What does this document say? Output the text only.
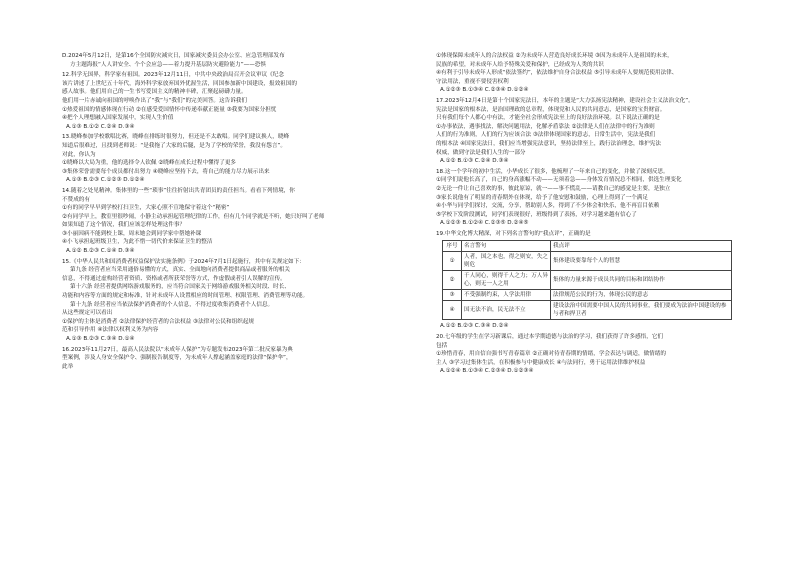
D.2024年5月12日，是第16个全国防灾减灾日，国家减灾委员会办公室、应急管理部发布

方主题海报“人人讲安全、个个会应急——着力提升基层防灾避险能力”——恐惧

12.科学无国界，科学家有祖国。2023年12月11日，中共中央政治局召开会议审议《纪念

该片讲述了上世纪五十年代，海外科学家放弃国外优渥生活，回国参加新中国建设，报效祖国的

感人故事。他们用自己的一生书写爱国主义的精神丰碑，汇聚起磅礴力量。

他们用一片赤诚向祖国的呼唤作出了“我”与“我们”的完美回答。这告诉我们

①热爱祖国的情感体现在行动 ②在感受爱国情怀中传递奉献正能量 ③我要为国家分担忧

④把个人理想融入国家发展中，实现人生价值

A.①③ B.①② C.②④ D.③④

13.晓峰参加学校歌唱比赛，晓峰在排练时很努力，但还是不太敢唱。同学们建议换人，晓峰

知道后很难过，且找到老师说：“是我拖了大家的后腿，是为了学校的荣誉，我没有怨言”。

对此，你认为

①晓峰以大局为重，他的选择令人钦佩 ②晓峰在成长过程中懂得了更多

③集体荣誉需要每个成员都付出努力 ④晓峰应坚持下去，将自己的能力尽力展示出来

A.①③ B.②③ C.①②③ D.①②④

14.随着之处见精神。集体里的一些“琐事”往往折射出共青团员的责任担当。看看下列情境，你

不赞成的有

①有的同学早早到学校打扫卫生，大家心照不宣地保守着这个“秘密”

②有同学早上，教室里很吵闹，小静主动承担起管理纪律的工作，但有几个同学就是不听，她只好叫了老师

如果知道了这个情况，我们应该怎样处理这件事？

③小丽因病不能到校上课，周末她会到同学家中帮她补课

④小飞承担起班级卫生，为此不惜一切代价来保证卫生的整洁

A.①② B.②③ C.①④ D.③④

15.《中华人民共和国消费者权益保护法实施条例》于2024年7月1日起施行，其中有关规定如下：

第九条 经营者应当采用通俗易懂的方式，真实、全面地向消费者提供商品或者服务的相关

信息，不得通过虚构经营者资质、资格或者所获荣誉等方式，作虚假或者引人误解的宣传。

第十六条 经营者提供网络游戏服务的，应当符合国家关于网络游戏服务相关时段、时长、

功能和内容等方面的规定和标准，针对未成年人设置相应的时间管理、权限管理、消费管理等功能。

第十九条 经营者应当依法保护消费者的个人信息，不得过度收集消费者个人信息。

从这些规定可以看出

①保护的主体是消费者 ②法律保护经营者的合法权益 ③法律对公民和组织起规

范和引导作用 ④法律以权利义务为内容

A.①③ B.②③ C.③④ D.①④

16.2023年11月27日，最高人民法院以“未成年人保护”为专题发布2023年第二批反家暴为典

型案例，涉及人身安全保护令、强制报告制度等，为未成年人撑起涵盖家庭的法律“保护伞”，

此举

①体现保障未成年人的合法权益 ②为未成年人营造良好成长环境 ③因为未成年人是祖国的未来，

民族的希望，对未成年人给予特殊关爱和保护，已经成为人类的共识

④有利于引导未成年人形成“依法签约”，依法维护自身合法权益 ⑤引导未成年人要规范使用法律、

守法用法，重视不要侵害权利

A.①②③ B.①③④ C.②③④ D.①②④

17.2023年12月4日是第十个国家宪法日，本年的主题是“大力弘扬宪法精神，建设社会主义法治文化”。

宪法是国家的根本法，是治国理政的总章程，体现党和人民的共同意志，是国家的宝贵财富。

只有我们每个人都心中有法，才能全社会形成宪法至上的良好法治环境。以下说法正确的是

①办事依法，遇事找法，解决问题用法，化解矛盾靠法 ②法律是人们在法律中的行为准则

人们的行为准则，人们的行为应该合法 ③法律体现国家的意志，日常生活中，宪法是我们

的根本法 ④国家宪法日，我们应当增强宪法意识，坚持法律至上，践行法治理念，维护宪法

权威，做到守法是我们人生的一部分

A.①② B.①③ C.②④ D.③④

18.这一个学年的初中生活，小华成长了很多，他梳理了一年来自己的变化，并做了深刻反思。

①同学们说他长高了，自己的身高涨幅不动——无须着急——身体发育情况总不相同，供选生理变化

②无论一件让自己喜欢的事，彼此原谅，就一——事不慌乱——请教自己的感觉是主要，是独立

③家长说他有了明显的青春期外在体现，给予了他安慰和鼓励，心理上得到了一个满足

④小华与同学们探讨，交流，分享，帮助别人多，得到了不少体会和快乐，他不再盲目依赖

⑤学校下发阶段测试，同学们表现很好，班级得到了表扬，对学习越来越有信心了

A.①②③ B.①②④ C.②③⑤ D.②④⑤

19.中华文化博大精深，对下列名言警句的“我点评”，正确的是

序号	名言警句	我点评
①	人者，国之本也，得之则安，失之则危	集体建设要靠每个人的智慧
②	千人同心，则得千人之力；万人异心，则无一人之用	集体的力量来源于成员共同的目标和团结协作
③	不受强制约束，人学法用律	法律规范公民的行为，体现公民的意志
④	国无法不治，民无法不立	建设法治中国需要中国人民的共同事业，我们要成为法治中国建设的参与者和捍卫者

A.①② B.②③ C.③④ D.②④

20.七年级的学生在学习新课后，通过本学期道德与法治的学习，我们获得了许多感悟，它们

包括

①珍惜青春，用自信自强书写青春篇章 ②正确对待青春期的情绪，学会表达与调适，做情绪的

主人 ③学习过集体生活，在积极参与中健康成长 ④与法同行，勇于运用法律维护权益

A.①②④ B.①③④ C.②③④ D.①②③④
